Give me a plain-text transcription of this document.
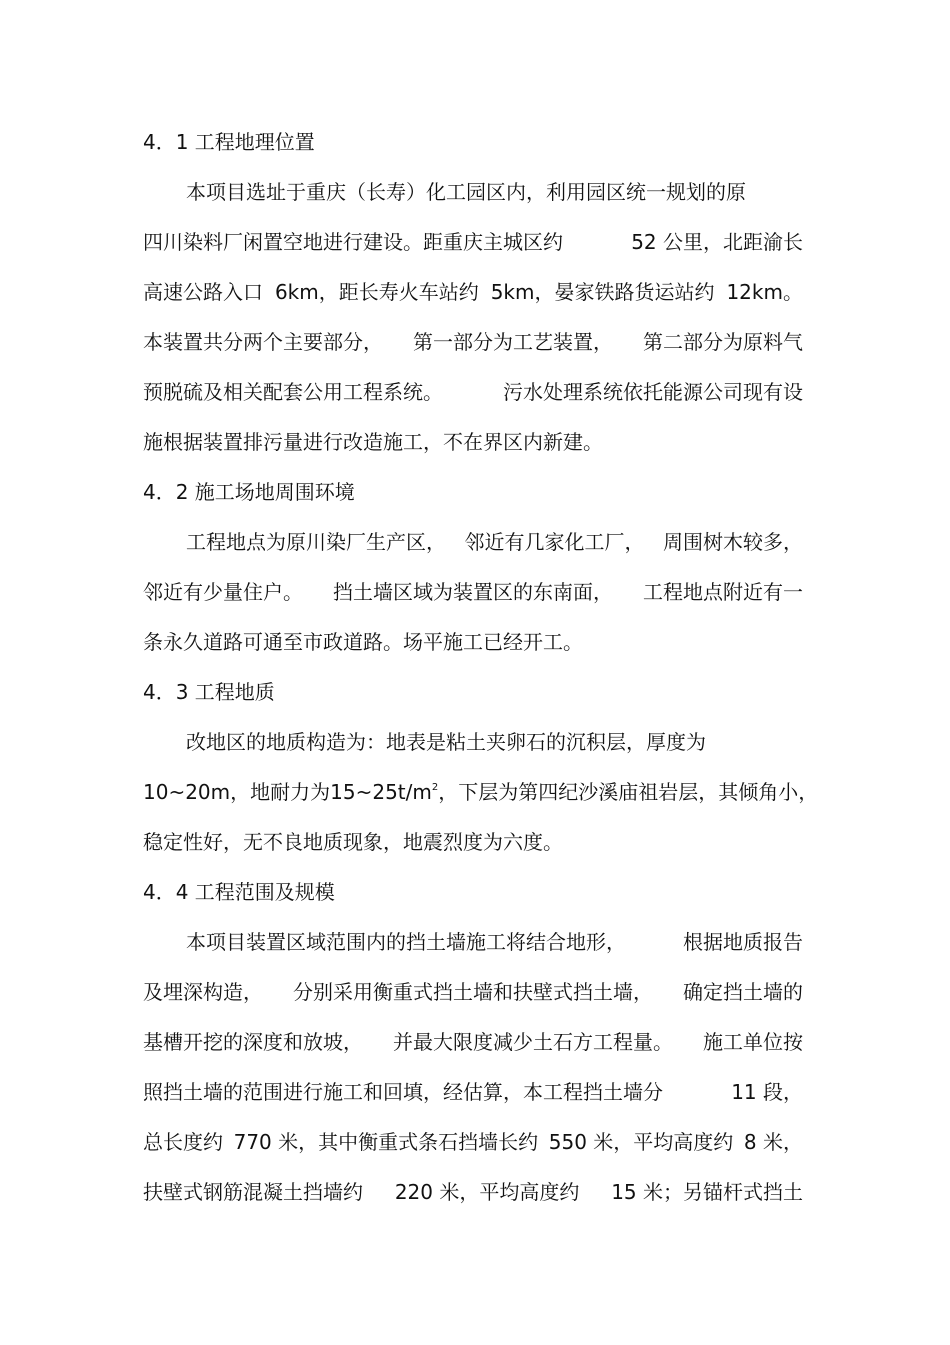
4．1 工程地理位置
本项目选址于重庆（长寿）化工园区内，利用园区统一规划的原
四川染料厂闲置空地进行建设。距重庆主城区约	52 公里，北距渝长
高速公路入口 6km，距长寿火车站约 5km，晏家铁路货运站约 12km。
本装置共分两个主要部分， 第一部分为工艺装置， 第二部分为原料气
预脱硫及相关配套公用工程系统。	污水处理系统依托能源公司现有设
施根据装置排污量进行改造施工，不在界区内新建。
4．2 施工场地周围环境
工程地点为原川染厂生产区， 邻近有几家化工厂， 周围树木较多，
邻近有少量住户。 挡土墙区域为装置区的东南面， 工程地点附近有一
条永久道路可通至市政道路。场平施工已经开工。
4．3 工程地质
改地区的地质构造为：地表是粘土夹卵石的沉积层，厚度为
10~20m，地耐力为 $15\sim 25t/m^2$，下层为第四纪沙溪庙祖岩层， 其倾角小，
稳定性好，无不良地质现象，地震烈度为六度。
4．4 工程范围及规模
本项目装置区域范围内的挡土墙施工将结合地形，	根据地质报告
及埋深构造， 分别采用衡重式挡土墙和扶壁式挡土墙， 确定挡土墙的
基槽开挖的深度和放坡， 并最大限度减少土石方工程量。 施工单位按
照挡土墙的范围进行施工和回填，经估算，本工程挡土墙分	11 段，
总长度约 770 米，其中衡重式条石挡墙长约 550 米，平均高度约 8 米，
扶壁式钢筋混凝土挡墙约 220 米，平均高度约 15 米；另锚杆式挡土
